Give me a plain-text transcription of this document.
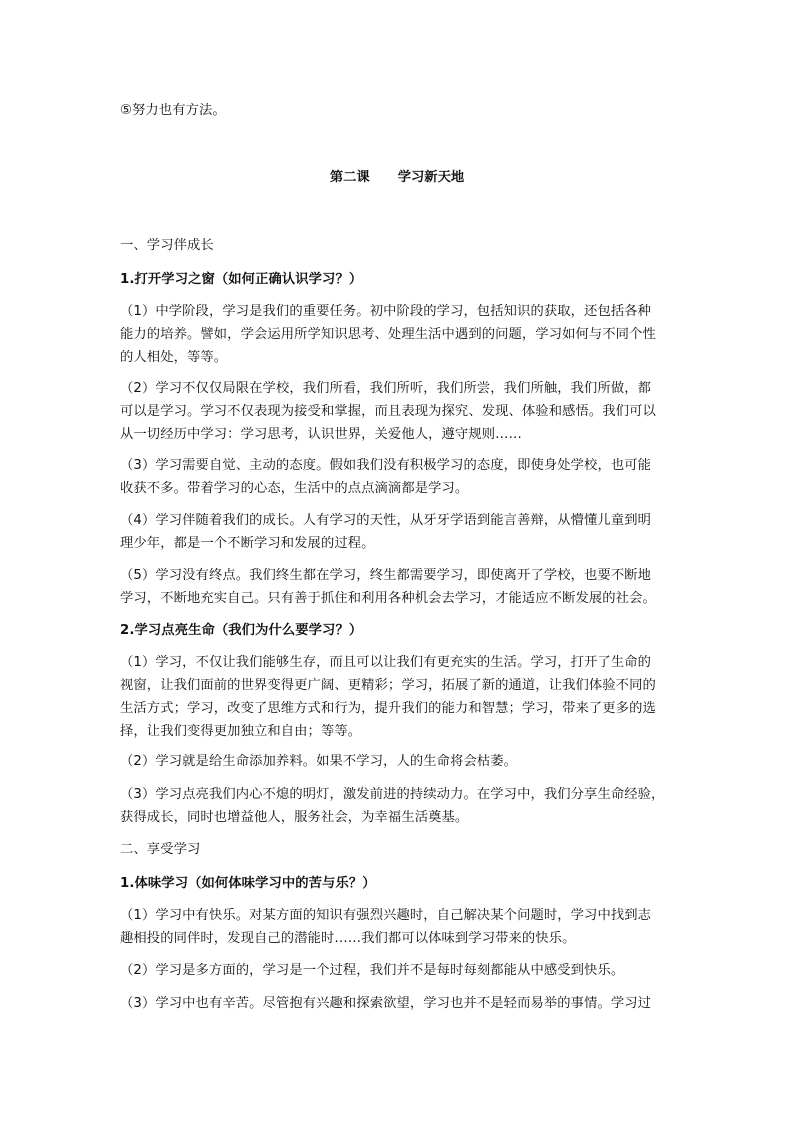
⑤努力也有方法。
第二课 学习新天地
一、学习伴成长
1.打开学习之窗（如何正确认识学习？）
（1）中学阶段，学习是我们的重要任务。初中阶段的学习，包括知识的获取，还包括各种
能力的培养。譬如，学会运用所学知识思考、处理生活中遇到的问题，学习如何与不同个性
的人相处，等等。
（2）学习不仅仅局限在学校，我们所看，我们所听，我们所尝，我们所触，我们所做，都
可以是学习。学习不仅表现为接受和掌握，而且表现为探究、发现、体验和感悟。我们可以
从一切经历中学习：学习思考，认识世界，关爱他人，遵守规则……
（3）学习需要自觉、主动的态度。假如我们没有积极学习的态度，即使身处学校，也可能
收获不多。带着学习的心态，生活中的点点滴滴都是学习。
（4）学习伴随着我们的成长。人有学习的天性，从牙牙学语到能言善辩，从懵懂儿童到明
理少年，都是一个不断学习和发展的过程。
（5）学习没有终点。我们终生都在学习，终生都需要学习，即使离开了学校，也要不断地
学习，不断地充实自己。只有善于抓住和利用各种机会去学习，才能适应不断发展的社会。
2.学习点亮生命（我们为什么要学习？）
（1）学习，不仅让我们能够生存，而且可以让我们有更充实的生活。学习，打开了生命的
视窗，让我们面前的世界变得更广阔、更精彩；学习，拓展了新的通道，让我们体验不同的
生活方式；学习，改变了思维方式和行为，提升我们的能力和智慧；学习，带来了更多的选
择，让我们变得更加独立和自由；等等。
（2）学习就是给生命添加养料。如果不学习，人的生命将会枯萎。
（3）学习点亮我们内心不熄的明灯，激发前进的持续动力。在学习中，我们分享生命经验，
获得成长，同时也增益他人，服务社会，为幸福生活奠基。
二、享受学习
1.体味学习（如何体味学习中的苦与乐？）
（1）学习中有快乐。对某方面的知识有强烈兴趣时，自己解决某个问题时，学习中找到志
趣相投的同伴时，发现自己的潜能时……我们都可以体味到学习带来的快乐。
（2）学习是多方面的，学习是一个过程，我们并不是每时每刻都能从中感受到快乐。
（3）学习中也有辛苦。尽管抱有兴趣和探索欲望，学习也并不是轻而易举的事情。学习过
